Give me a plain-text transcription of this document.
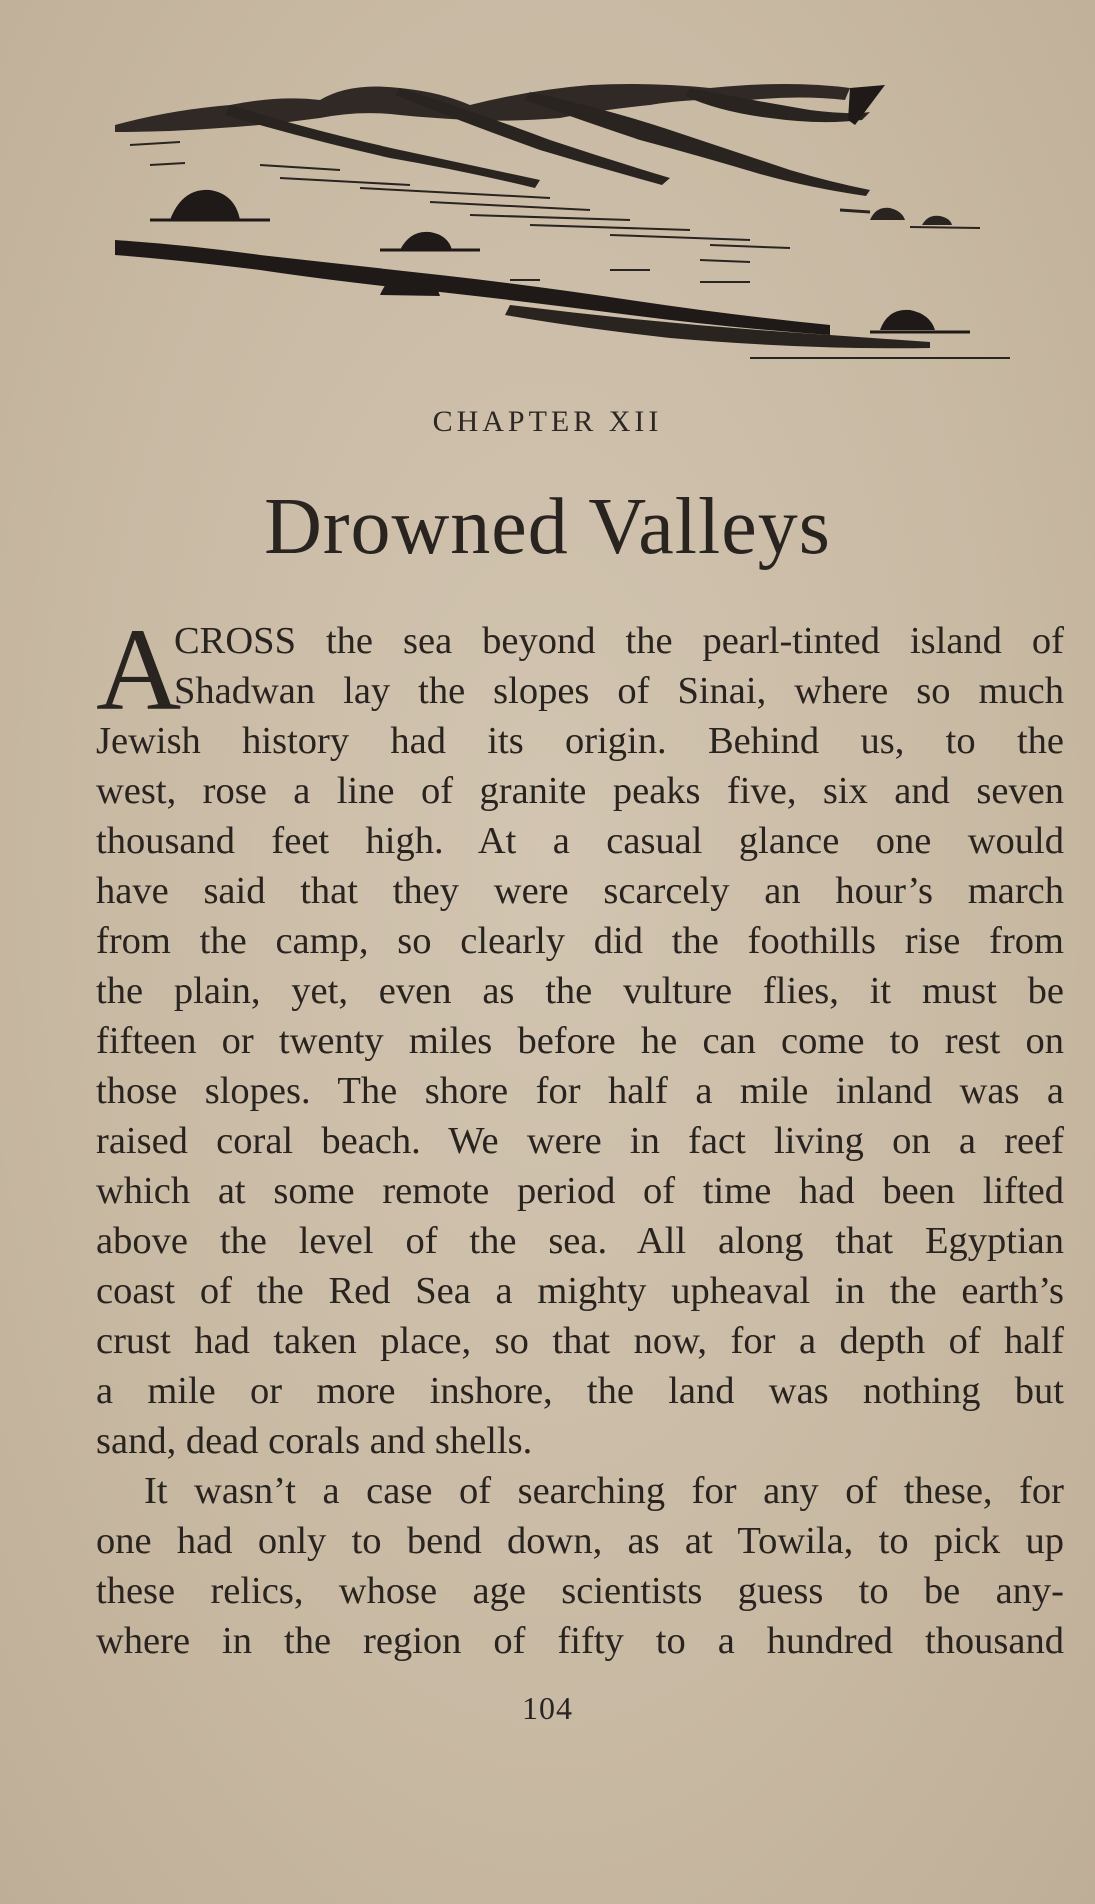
CHAPTER XII
Drowned Valleys
A
CROSS the sea beyond the pearl-tinted island of
Shadwan lay the slopes of Sinai, where so much
Jewish history had its origin. Behind us, to the
west, rose a line of granite peaks five, six and seven
thousand feet high. At a casual glance one would
have said that they were scarcely an hour’s march
from the camp, so clearly did the foothills rise from
the plain, yet, even as the vulture flies, it must be
fifteen or twenty miles before he can come to rest on
those slopes. The shore for half a mile inland was a
raised coral beach. We were in fact living on a reef
which at some remote period of time had been lifted
above the level of the sea. All along that Egyptian
coast of the Red Sea a mighty upheaval in the earth’s
crust had taken place, so that now, for a depth of half
a mile or more inshore, the land was nothing but
sand, dead corals and shells.
It wasn’t a case of searching for any of these, for
one had only to bend down, as at Towila, to pick up
these relics, whose age scientists guess to be any-
where in the region of fifty to a hundred thousand
104
